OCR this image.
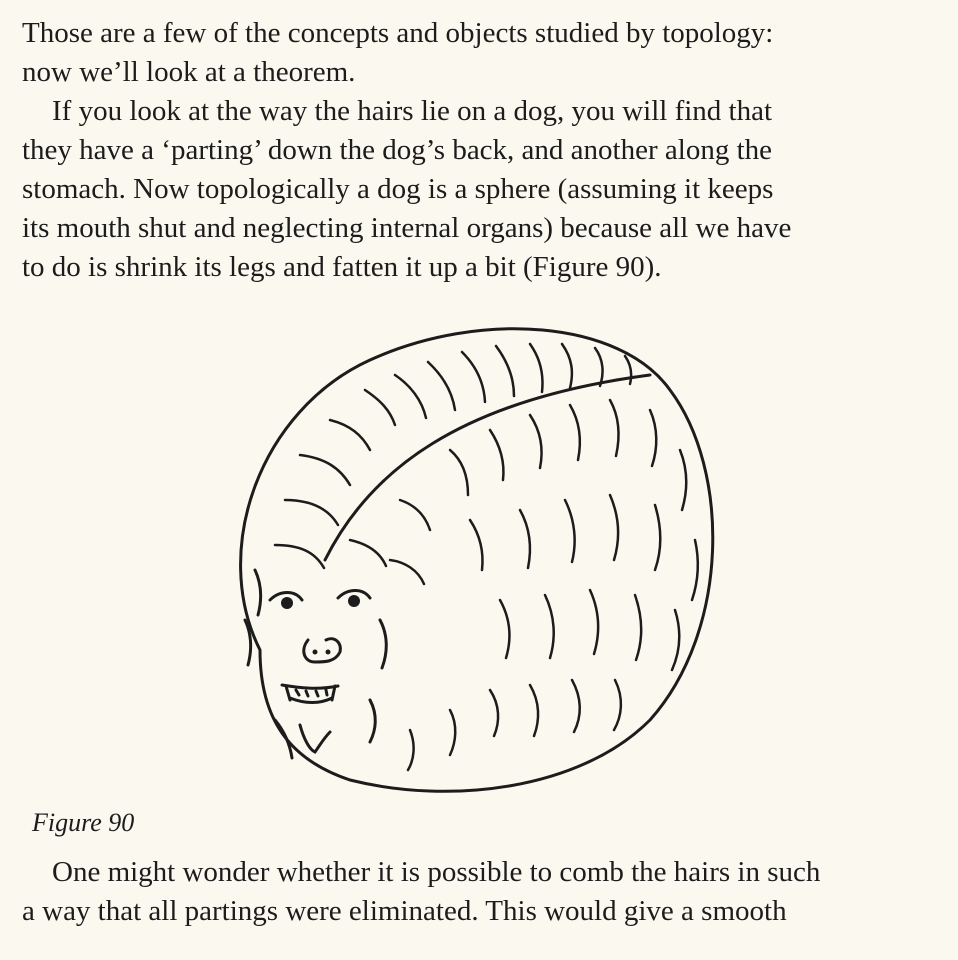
Those are a few of the concepts and objects studied by topology:
now we’ll look at a theorem.
If you look at the way the hairs lie on a dog, you will find that
they have a ‘parting’ down the dog’s back, and another along the
stomach. Now topologically a dog is a sphere (assuming it keeps
its mouth shut and neglecting internal organs) because all we have
to do is shrink its legs and fatten it up a bit (Figure 90).
Figure 90
One might wonder whether it is possible to comb the hairs in such
a way that all partings were eliminated. This would give a smooth
